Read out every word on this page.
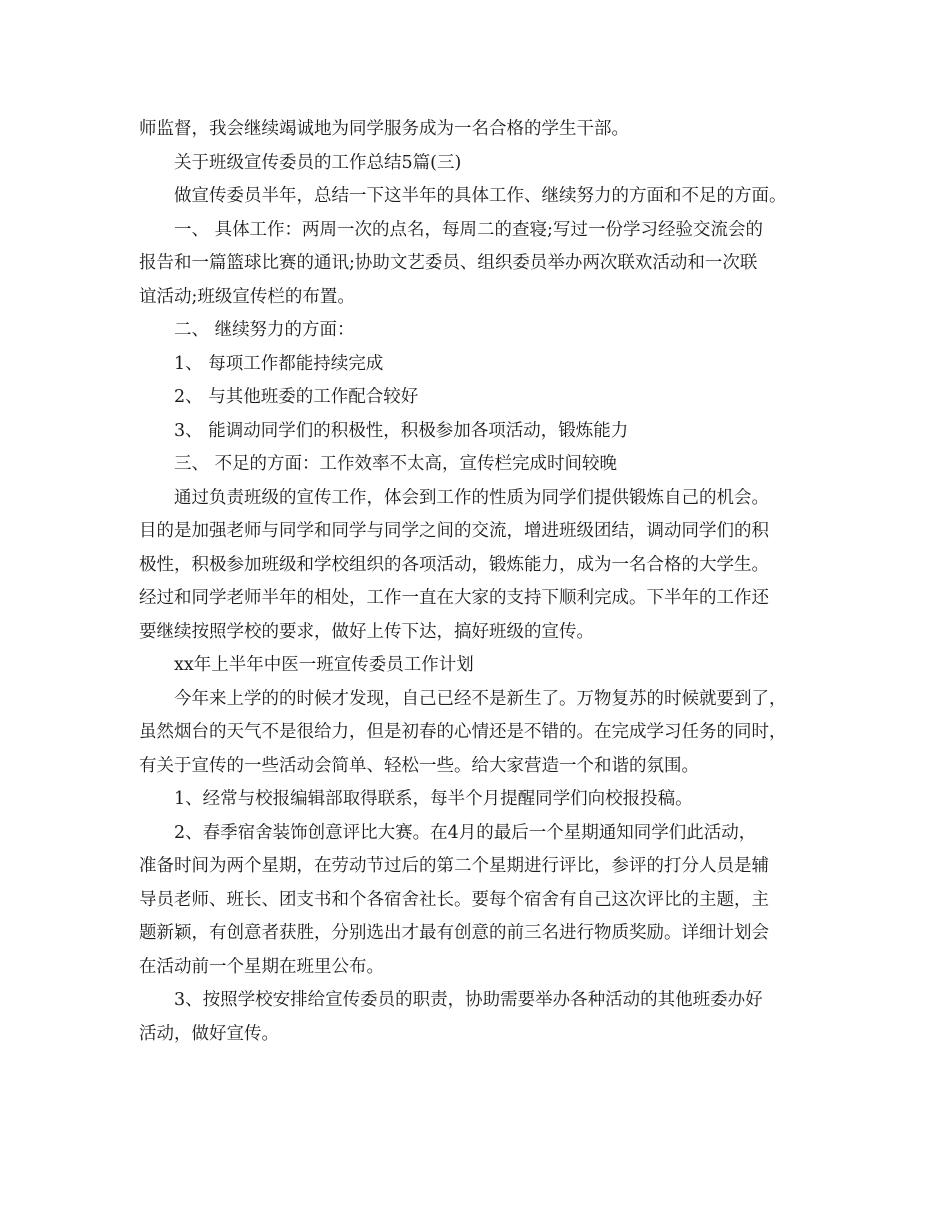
师监督，我会继续竭诚地为同学服务成为一名合格的学生干部。

关于班级宣传委员的工作总结5篇(三)

做宣传委员半年，总结一下这半年的具体工作、继续努力的方面和不足的方面。

一、 具体工作：两周一次的点名，每周二的查寝;写过一份学习经验交流会的

报告和一篇篮球比赛的通讯;协助文艺委员、组织委员举办两次联欢活动和一次联

谊活动;班级宣传栏的布置。

二、 继续努力的方面：

1、 每项工作都能持续完成

2、 与其他班委的工作配合较好

3、 能调动同学们的积极性，积极参加各项活动，锻炼能力

三、 不足的方面：工作效率不太高，宣传栏完成时间较晚

通过负责班级的宣传工作，体会到工作的性质为同学们提供锻炼自己的机会。

目的是加强老师与同学和同学与同学之间的交流，增进班级团结，调动同学们的积

极性，积极参加班级和学校组织的各项活动，锻炼能力，成为一名合格的大学生。

经过和同学老师半年的相处，工作一直在大家的支持下顺利完成。下半年的工作还

要继续按照学校的要求，做好上传下达，搞好班级的宣传。

xx年上半年中医一班宣传委员工作计划

今年来上学的的时候才发现，自己已经不是新生了。万物复苏的时候就要到了，

虽然烟台的天气不是很给力，但是初春的心情还是不错的。在完成学习任务的同时，

有关于宣传的一些活动会简单、轻松一些。给大家营造一个和谐的氛围。

1、经常与校报编辑部取得联系，每半个月提醒同学们向校报投稿。

2、春季宿舍装饰创意评比大赛。在4月的最后一个星期通知同学们此活动，

准备时间为两个星期，在劳动节过后的第二个星期进行评比，参评的打分人员是辅

导员老师、班长、团支书和个各宿舍社长。要每个宿舍有自己这次评比的主题，主

题新颖，有创意者获胜，分别选出才最有创意的前三名进行物质奖励。详细计划会

在活动前一个星期在班里公布。

3、按照学校安排给宣传委员的职责，协助需要举办各种活动的其他班委办好

活动，做好宣传。
